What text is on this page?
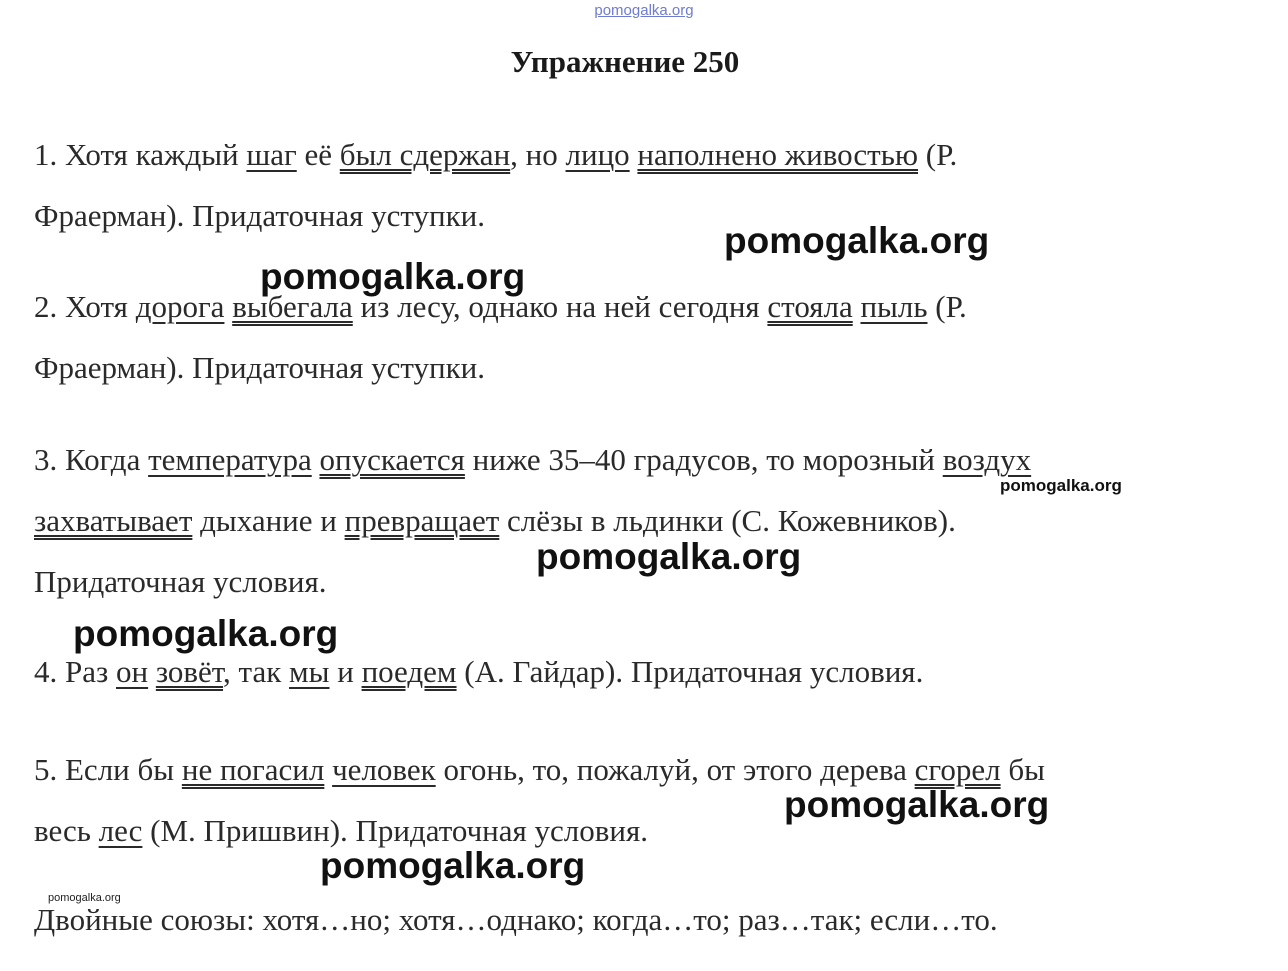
pomogalka.org
Упражнение 250
1. Хотя каждый шаг её был сдержан, но лицо наполнено живостью (Р.
Фраерман). Придаточная уступки.
2. Хотя дорога выбегала из лесу, однако на ней сегодня стояла пыль (Р.
Фраерман). Придаточная уступки.
3. Когда температура опускается ниже 35–40 градусов, то морозный воздух
захватывает дыхание и превращает слёзы в льдинки (С. Кожевников).
Придаточная условия.
4. Раз он зовёт, так мы и поедем (А. Гайдар). Придаточная условия.
5. Если бы не погасил человек огонь, то, пожалуй, от этого дерева сгорел бы
весь лес (М. Пришвин). Придаточная условия.
Двойные союзы: хотя…но; хотя…однако; когда…то; раз…так; если…то.
pomogalka.org
pomogalka.org
pomogalka.org
pomogalka.org
pomogalka.org
pomogalka.org
pomogalka.org
pomogalka.org
